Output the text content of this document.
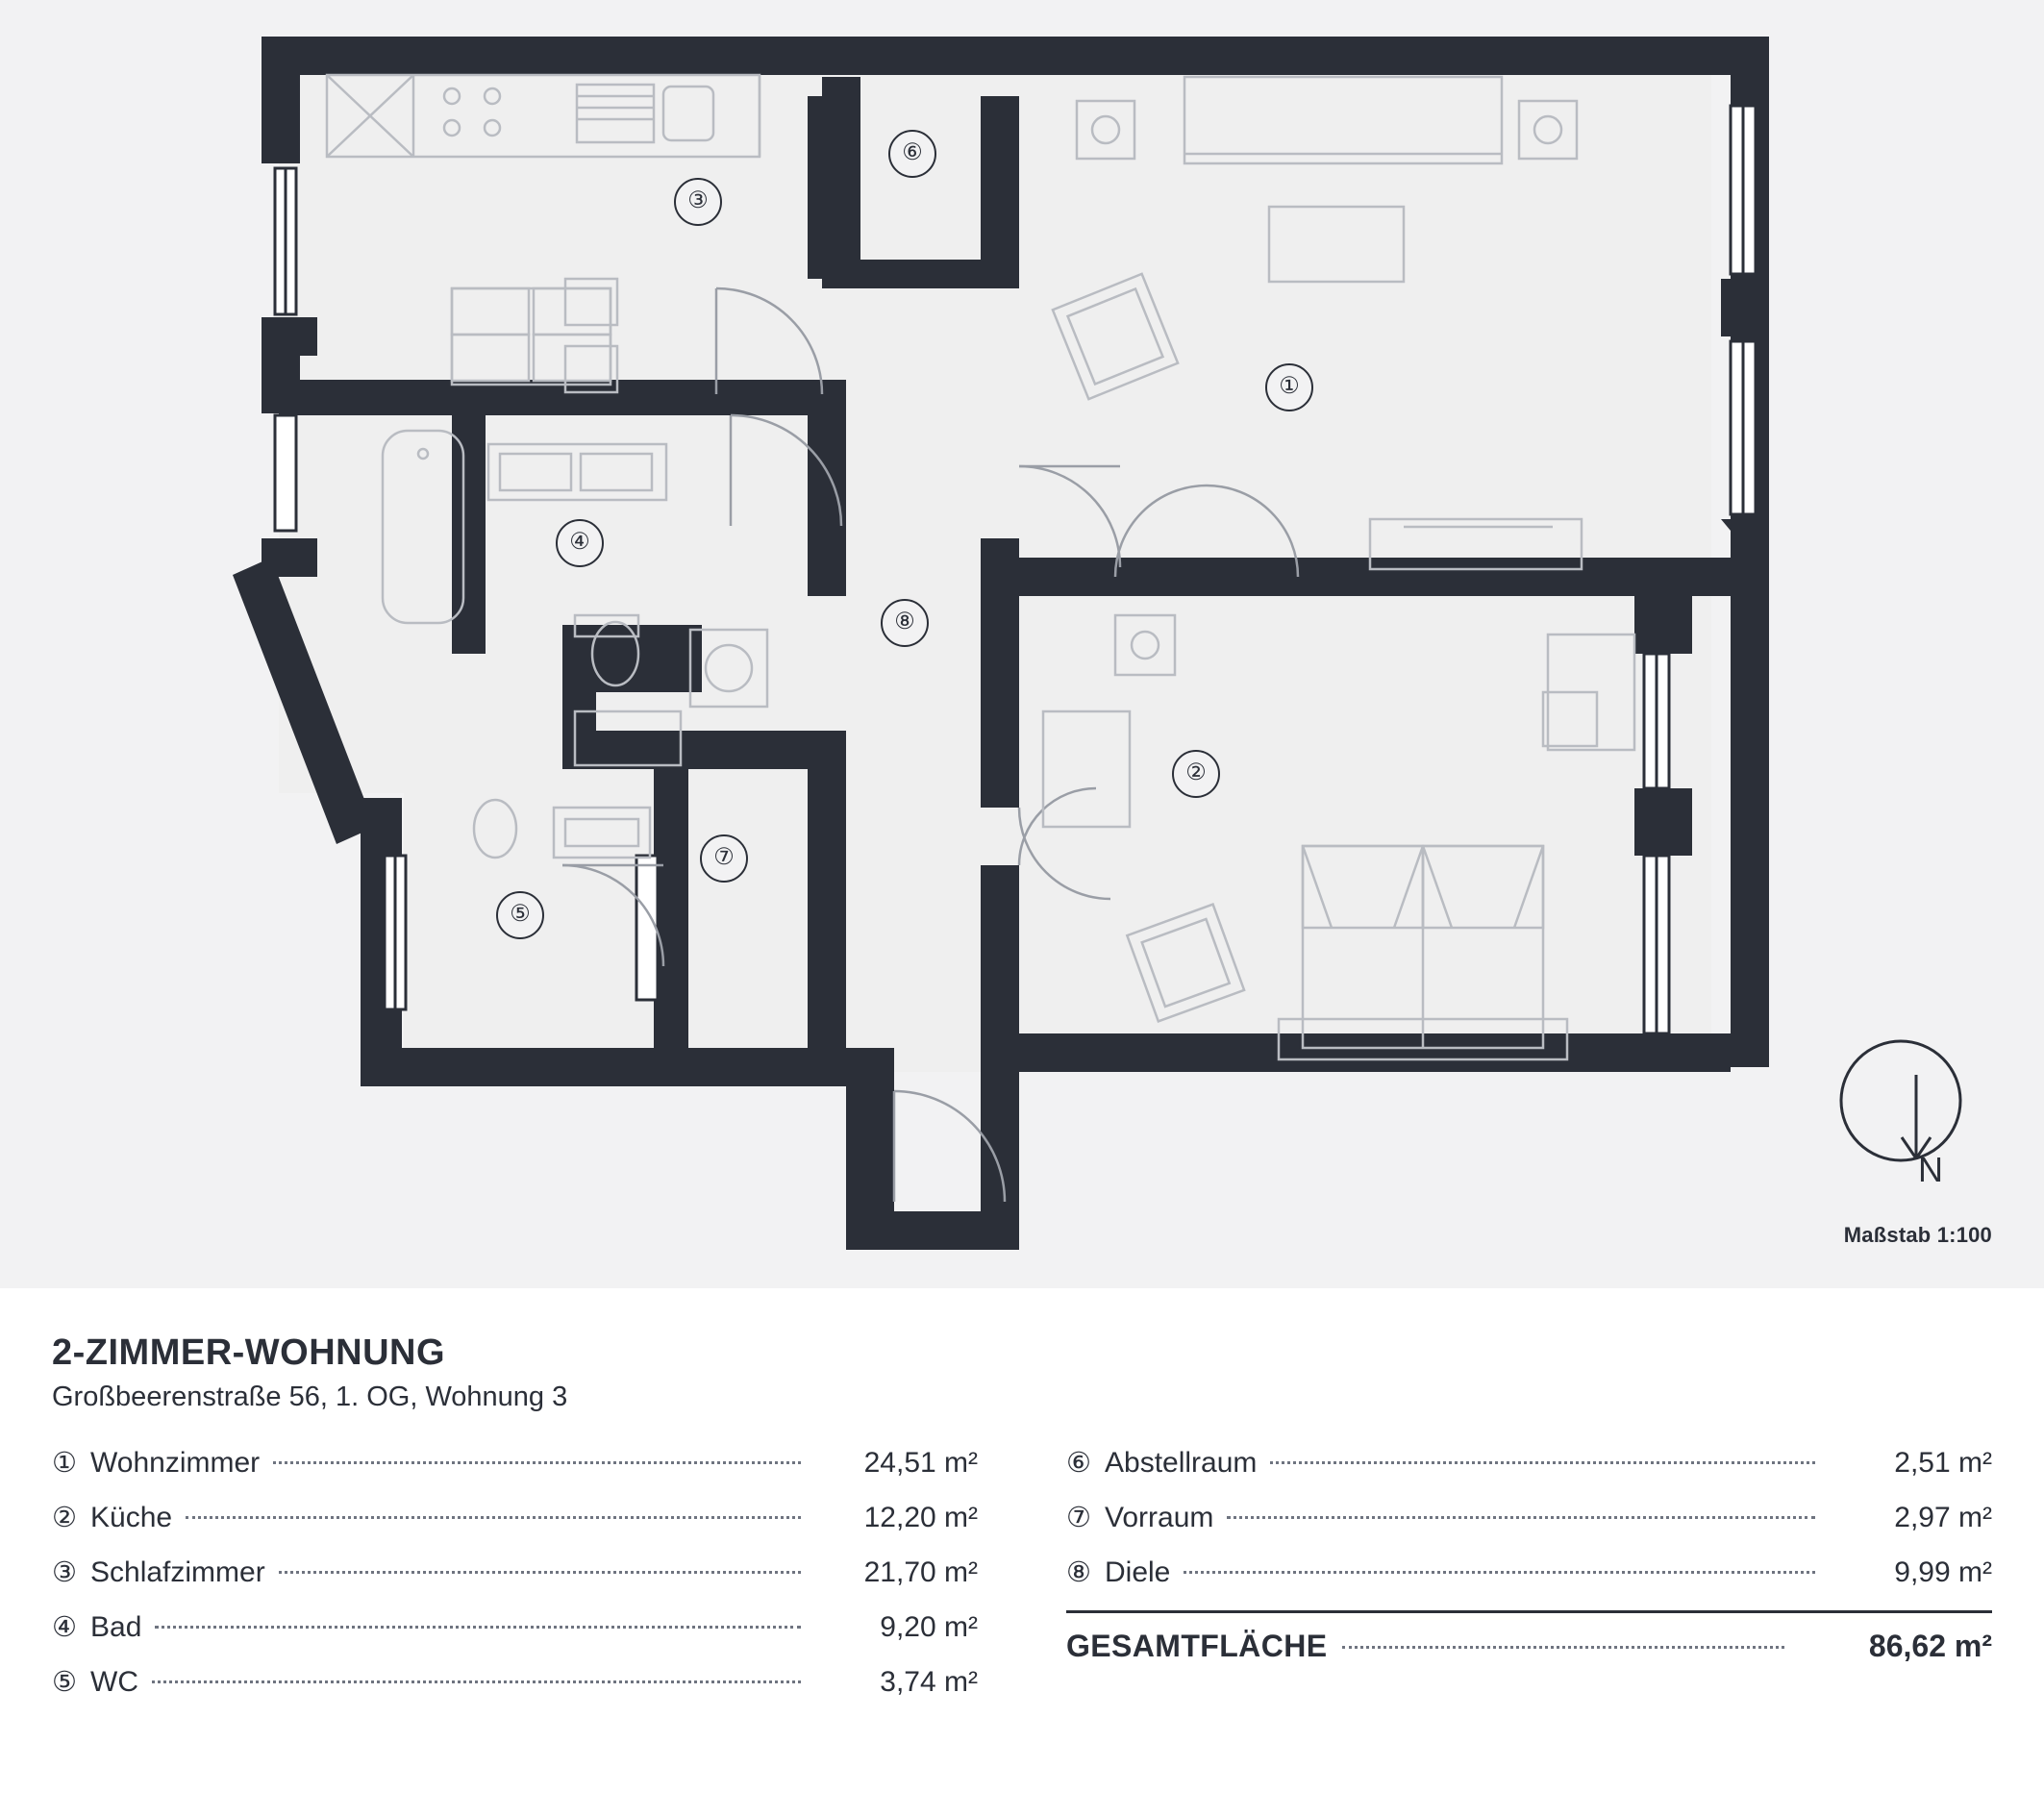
①
②
③
④
⑤
⑥
⑦
⑧
N
Maßstab 1:100
2-ZIMMER-WOHNUNG
Großbeerenstraße 56, 1. OG, Wohnung 3
① Wohnzimmer	24,51 m²
② Küche	12,20 m²
③ Schlafzimmer	21,70 m²
④ Bad	9,20 m²
⑤ WC	3,74 m²
⑥ Abstellraum	2,51 m²
⑦ Vorraum	2,97 m²
⑧ Diele	9,99 m²
GESAMTFLÄCHE	86,62 m²
